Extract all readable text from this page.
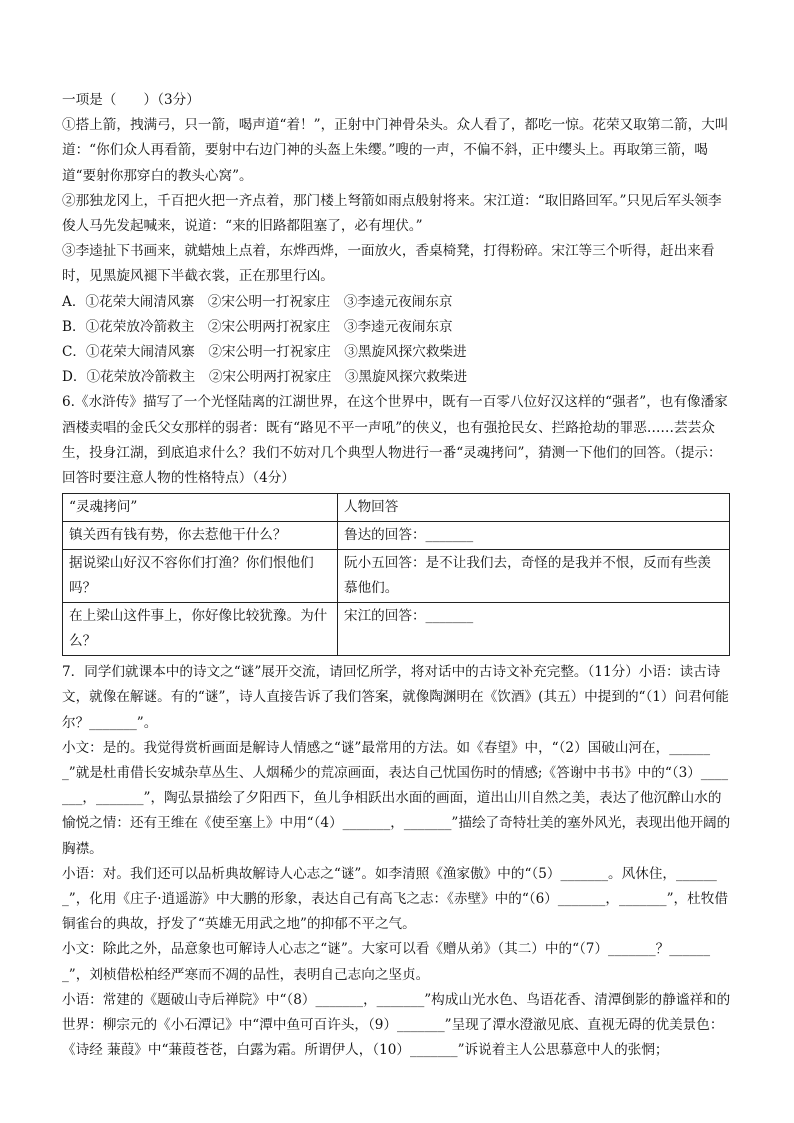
一项是（　　）（3分）

①搭上箭，拽满弓，只一箭，喝声道“着！”，正射中门神骨朵头。众人看了，都吃一惊。花荣又取第二箭，大叫道：“你们众人再看箭，要射中右边门神的头盔上朱缨。”嗖的一声，不偏不斜，正中缨头上。再取第三箭，喝道“要射你那穿白的教头心窝”。

②那独龙冈上，千百把火把一齐点着，那门楼上弩箭如雨点般射将来。宋江道：“取旧路回军。”只见后军头领李俊人马先发起喊来，说道：“来的旧路都阻塞了，必有埋伏。”

③李逵扯下书画来，就蜡烛上点着，东烨西烨，一面放火，香桌椅凳，打得粉碎。宋江等三个听得，赶出来看时，见黑旋风褪下半截衣裳，正在那里行凶。

A．①花荣大闹清风寨　②宋公明一打祝家庄　③李逵元夜闹东京

B．①花荣放冷箭救主　②宋公明两打祝家庄　③李逵元夜闹东京

C．①花荣大闹清风寨　②宋公明一打祝家庄　③黑旋风探穴救柴进

D．①花荣放冷箭救主　②宋公明两打祝家庄　③黑旋风探穴救柴进

6.《水浒传》描写了一个光怪陆离的江湖世界，在这个世界中，既有一百零八位好汉这样的“强者”，也有像潘家酒楼卖唱的金氏父女那样的弱者：既有“路见不平一声吼”的侠义，也有强抢民女、拦路抢劫的罪恶……芸芸众生，投身江湖，到底追求什么？我们不妨对几个典型人物进行一番“灵魂拷问”，猜测一下他们的回答。（提示：回答时要注意人物的性格特点）（4分）

“灵魂拷问”	人物回答
镇关西有钱有势，你去惹他干什么？	鲁达的回答：_______
据说梁山好汉不容你们打渔？你们恨他们吗？	阮小五回答：是不让我们去，奇怪的是我并不恨，反而有些羡慕他们。
在上梁山这件事上，你好像比较犹豫。为什么？	宋江的回答：_______

7．同学们就课本中的诗文之“谜”展开交流，请回忆所学，将对话中的古诗文补充完整。（11分）小语：读古诗文，就像在解谜。有的“谜”，诗人直接告诉了我们答案，就像陶渊明在《饮酒》(其五）中提到的“（1）问君何能尔？_______”。

小文：是的。我觉得赏析画面是解诗人情感之“谜”最常用的方法。如《春望》中，“（2）国破山河在，_______”就是杜甫借长安城杂草丛生、人烟稀少的荒凉画面，表达自己忧国伤时的情感;《答谢中书书》中的“（3）_______，_______”，陶弘景描绘了夕阳西下，鱼儿争相跃出水面的画面，道出山川自然之美，表达了他沉醉山水的愉悦之情：还有王维在《使至塞上》中用“（4）_______，_______”描绘了奇特壮美的塞外风光，表现出他开阔的胸襟。

小语：对。我们还可以品析典故解诗人心志之“谜”。如李清照《渔家傲》中的“（5）_______。风休住，_______”，化用《庄子·逍遥游》中大鹏的形象，表达自己有高飞之志：《赤壁》中的“（6）_______，_______”，杜牧借铜雀台的典故，抒发了“英雄无用武之地”的抑郁不平之气。

小文：除此之外，品意象也可解诗人心志之“谜”。大家可以看《赠从弟》（其二）中的“（7）_______？_______”，刘桢借松柏经严寒而不凋的品性，表明自己志向之坚贞。

小语：常建的《题破山寺后禅院》中“（8）_______，_______”构成山光水色、鸟语花香、清潭倒影的静谧祥和的世界：柳宗元的《小石潭记》中“潭中鱼可百许头，（9）_______”呈现了潭水澄澈见底、直视无碍的优美景色：《诗经 蒹葭》中“蒹葭苍苍，白露为霜。所谓伊人，（10）_______”诉说着主人公思慕意中人的张惘；
